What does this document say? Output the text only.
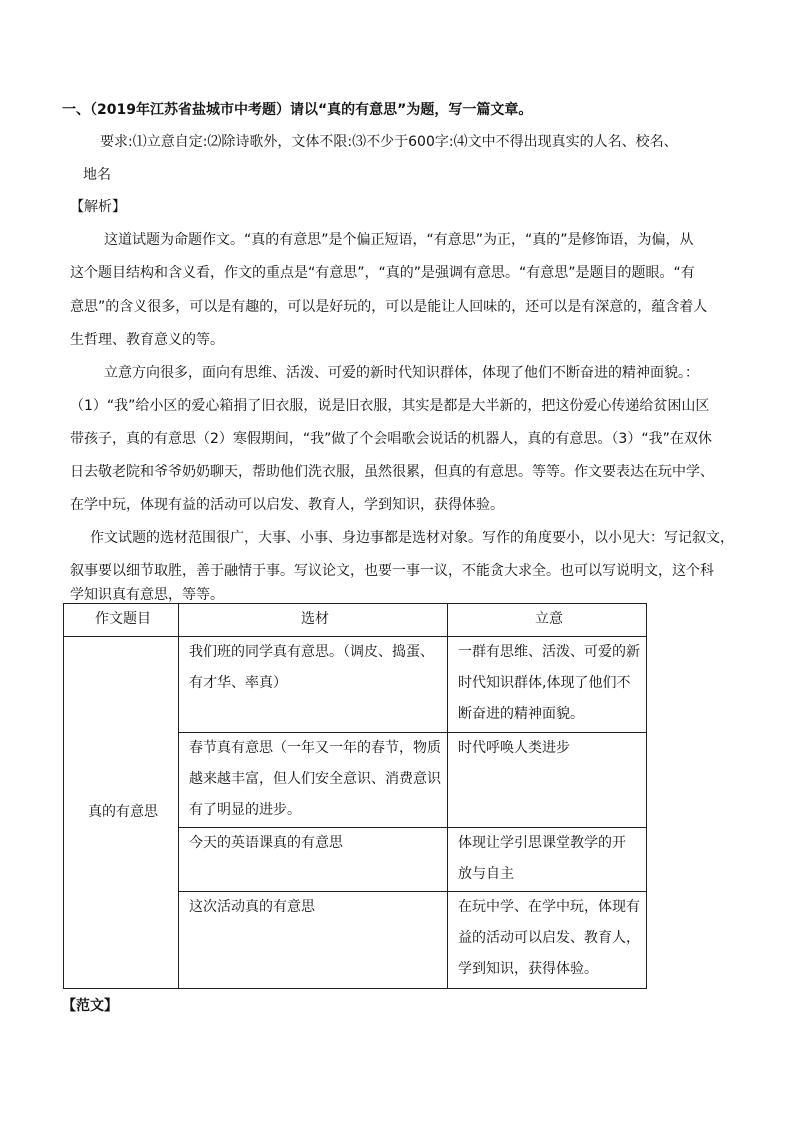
一、（2019年江苏省盐城市中考题）请以“真的有意思”为题，写一篇文章。
要求:⑴立意自定:⑵除诗歌外，文体不限:⑶不少于600字:⑷文中不得出现真实的人名、校名、
地名
【解析】
这道试题为命题作文。“真的有意思”是个偏正短语，“有意思”为正，“真的”是修饰语，为偏，从
这个题目结构和含义看，作文的重点是“有意思”，“真的”是强调有意思。“有意思”是题目的题眼。“有
意思”的含义很多，可以是有趣的，可以是好玩的，可以是能让人回味的，还可以是有深意的，蕴含着人
生哲理、教育意义的等。
立意方向很多，面向有思维、活泼、可爱的新时代知识群体，体现了他们不断奋进的精神面貌。：
（1）“我”给小区的爱心箱捐了旧衣服，说是旧衣服，其实是都是大半新的，把这份爱心传递给贫困山区
带孩子，真的有意思（2）寒假期间，“我”做了个会唱歌会说话的机器人，真的有意思。（3）“我”在双休
日去敬老院和爷爷奶奶聊天，帮助他们洗衣服，虽然很累，但真的有意思。等等。作文要表达在玩中学、
在学中玩，体现有益的活动可以启发、教育人，学到知识，获得体验。
作文试题的选材范围很广，大事、小事、身边事都是选材对象。写作的角度要小，以小见大：写记叙文，
叙事要以细节取胜，善于融情于事。写议论文，也要一事一议，不能贪大求全。也可以写说明文，这个科
学知识真有意思，等等。
作文题目	选材	立意
真的有意思	我们班的同学真有意思。（调皮、捣蛋、
有才华、率真）	一群有思维、活泼、可爱的新
时代知识群体,体现了他们不
断奋进的精神面貌。

	春节真有意思（一年又一年的春节，物质
越来越丰富，但人们安全意识、消费意识
有了明显的进步。	时代呼唤人类进步

	今天的英语课真的有意思	体现让学引思课堂教学的开
放与自主

	这次活动真的有意思	在玩中学、在学中玩，体现有
益的活动可以启发、教育人，
学到知识，获得体验。
【范文】
